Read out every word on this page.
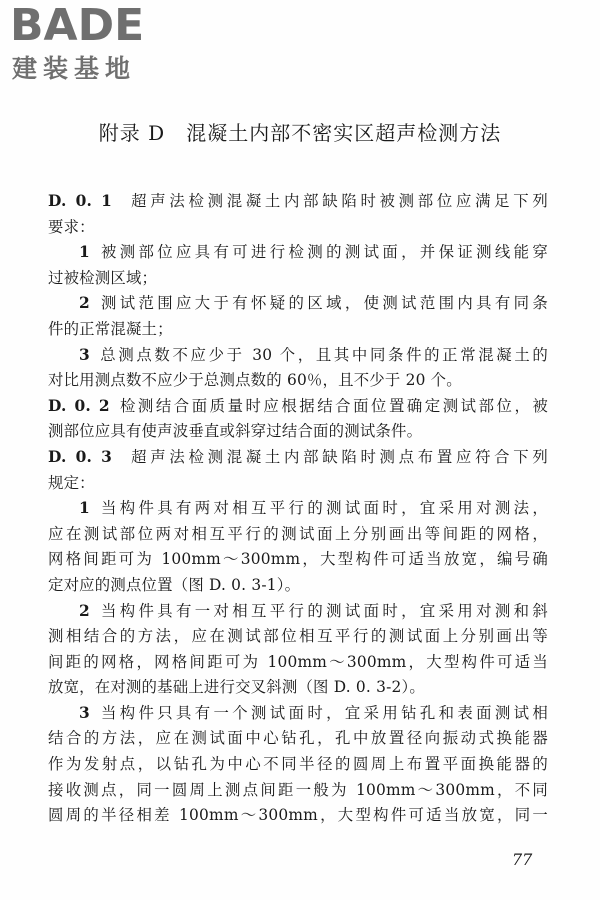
BADE
建装基地
附录 D　混凝土内部不密实区超声检测方法
D. 0. 1  超声法检测混凝土内部缺陷时被测部位应满足下列
要求：
1  被测部位应具有可进行检测的测试面，并保证测线能穿
过被检测区域；
2  测试范围应大于有怀疑的区域，使测试范围内具有同条
件的正常混凝土；
3  总测点数不应少于 30 个，且其中同条件的正常混凝土的
对比用测点数不应少于总测点数的 60％，且不少于 20 个。
D. 0. 2  检测结合面质量时应根据结合面位置确定测试部位，被
测部位应具有使声波垂直或斜穿过结合面的测试条件。
D. 0. 3  超声法检测混凝土内部缺陷时测点布置应符合下列
规定：
1  当构件具有两对相互平行的测试面时，宜采用对测法，
应在测试部位两对相互平行的测试面上分别画出等间距的网格，
网格间距可为 100mm～300mm，大型构件可适当放宽，编号确
定对应的测点位置（图 D. 0. 3-1）。
2  当构件具有一对相互平行的测试面时，宜采用对测和斜
测相结合的方法，应在测试部位相互平行的测试面上分别画出等
间距的网格，网格间距可为 100mm～300mm，大型构件可适当
放宽，在对测的基础上进行交叉斜测（图 D. 0. 3-2）。
3  当构件只具有一个测试面时，宜采用钻孔和表面测试相
结合的方法，应在测试面中心钻孔，孔中放置径向振动式换能器
作为发射点，以钻孔为中心不同半径的圆周上布置平面换能器的
接收测点，同一圆周上测点间距一般为 100mm～300mm，不同
圆周的半径相差 100mm～300mm，大型构件可适当放宽，同一
77
